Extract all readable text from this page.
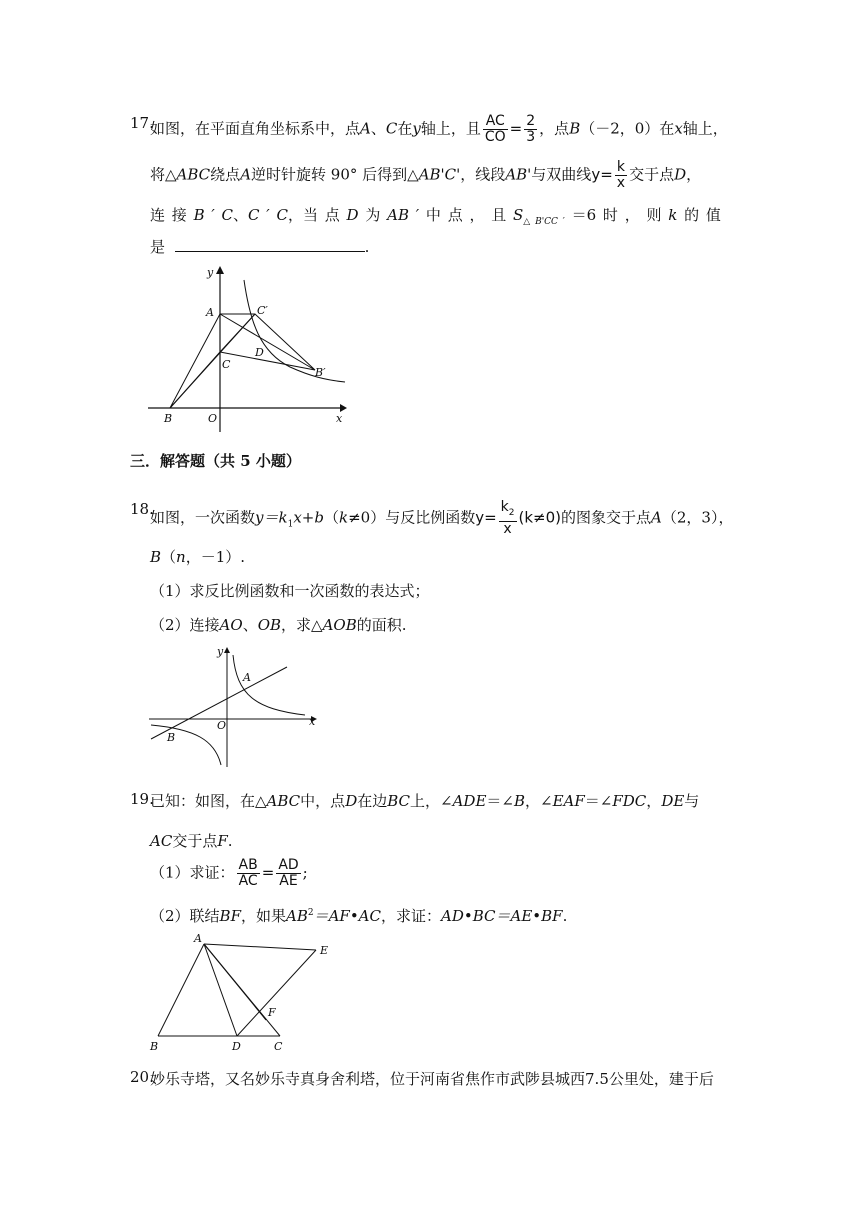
17.
如图，在平面直角坐标系中，点A、C在y轴上，且 $\frac{AC}{CO} = \frac{2}{3}$ ，点B（－2，0）在x轴上，
将△ABC绕点A逆时针旋转 90° 后得到△AB'C'，线段AB'与双曲线$y= \frac{k}{x}$ 交于点D，
连 接 B ′ C、C ′ C，当 点 D 为 AB ′ 中 点 ， 且 $S_{\triangle B'CC '} =6$ 时 ， 则 k 的 值
是	.
y
x
A	C′
C
D
B′
B	O
三．解答题（共 5 小题）
18.
如图，一次函数$y=k_1x+b(k\ne 0)$与反比例函数$y= \frac{k_2}{x} (k\ne 0)$的图象交于点A（2，3），
B（n，－1）.
（1）求反比例函数和一次函数的表达式；
（2）连接AO、OB，求△AOB的面积.
y
x
A
O
B
19.
已知：如图，在△ABC中，点D在边BC上，∠ADE＝∠B，∠EAF＝∠FDC，DE与
AC交于点F.
（1）求证： $\frac{AB}{AC} = \frac{AD}{AE}$ ;
（2）联结BF，如果$AB^2=AF•AC$，求证：AD•BC＝AE•BF.
A
E
F
B	D	C
20.
妙乐寺塔，又名妙乐寺真身舍利塔，位于河南省焦作市武陟县城西7.5公里处，建于后
